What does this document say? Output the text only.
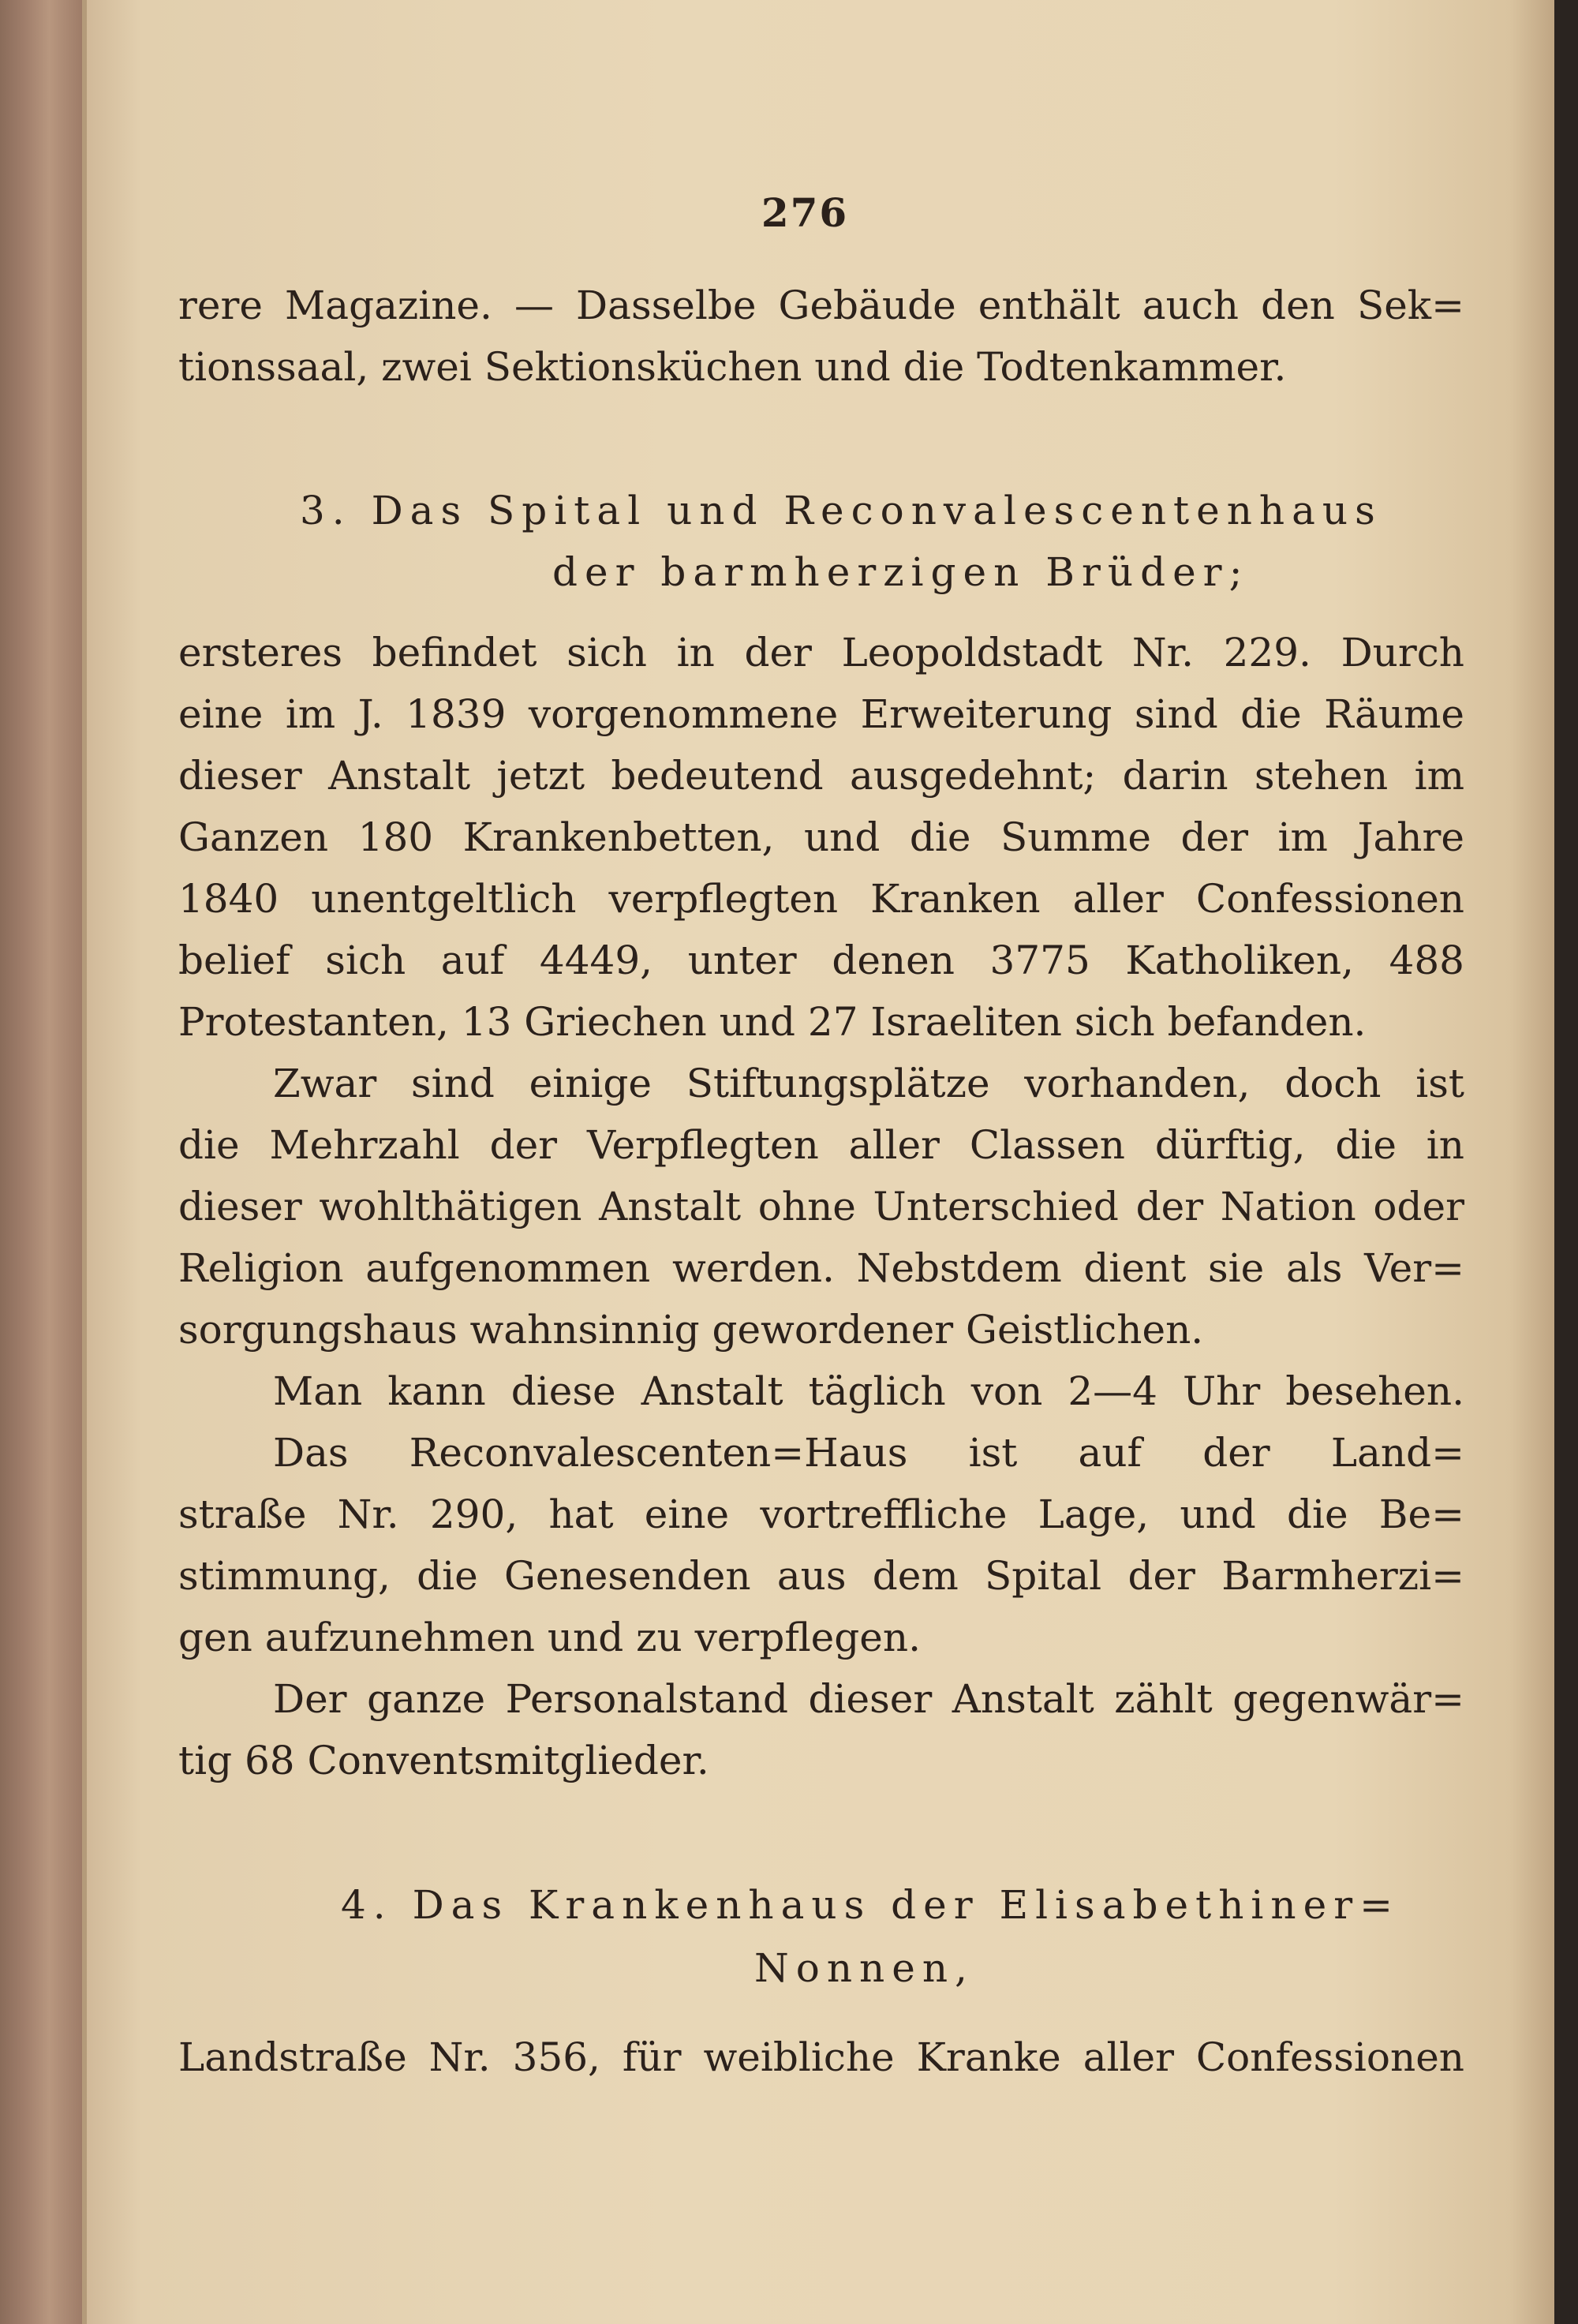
276
rere Magazine. — Dasselbe Gebäude enthält auch den Sek=
tionssaal, zwei Sektionsküchen und die Todtenkammer.
ersteres befindet sich in der Leopoldstadt Nr. 229. Durch
eine im J. 1839 vorgenommene Erweiterung sind die Räume
dieser Anstalt jetzt bedeutend ausgedehnt; darin stehen im
Ganzen 180 Krankenbetten, und die Summe der im Jahre
1840 unentgeltlich verpflegten Kranken aller Confessionen
belief sich auf 4449, unter denen 3775 Katholiken, 488
Protestanten, 13 Griechen und 27 Israeliten sich befanden.
Zwar sind einige Stiftungsplätze vorhanden, doch ist
die Mehrzahl der Verpflegten aller Classen dürftig, die in
dieser wohlthätigen Anstalt ohne Unterschied der Nation oder
Religion aufgenommen werden. Nebstdem dient sie als Ver=
sorgungshaus wahnsinnig gewordener Geistlichen.
Man kann diese Anstalt täglich von 2—4 Uhr besehen.
Das Reconvalescenten=Haus ist auf der Land=
straße Nr. 290, hat eine vortreffliche Lage, und die Be=
stimmung, die Genesenden aus dem Spital der Barmherzi=
gen aufzunehmen und zu verpflegen.
Der ganze Personalstand dieser Anstalt zählt gegenwär=
tig 68 Conventsmitglieder.
Landstraße Nr. 356, für weibliche Kranke aller Confessionen
3. Das Spital und Reconvalescentenhaus
der barmherzigen Brüder;
4. Das Krankenhaus der Elisabethiner=
Nonnen,
